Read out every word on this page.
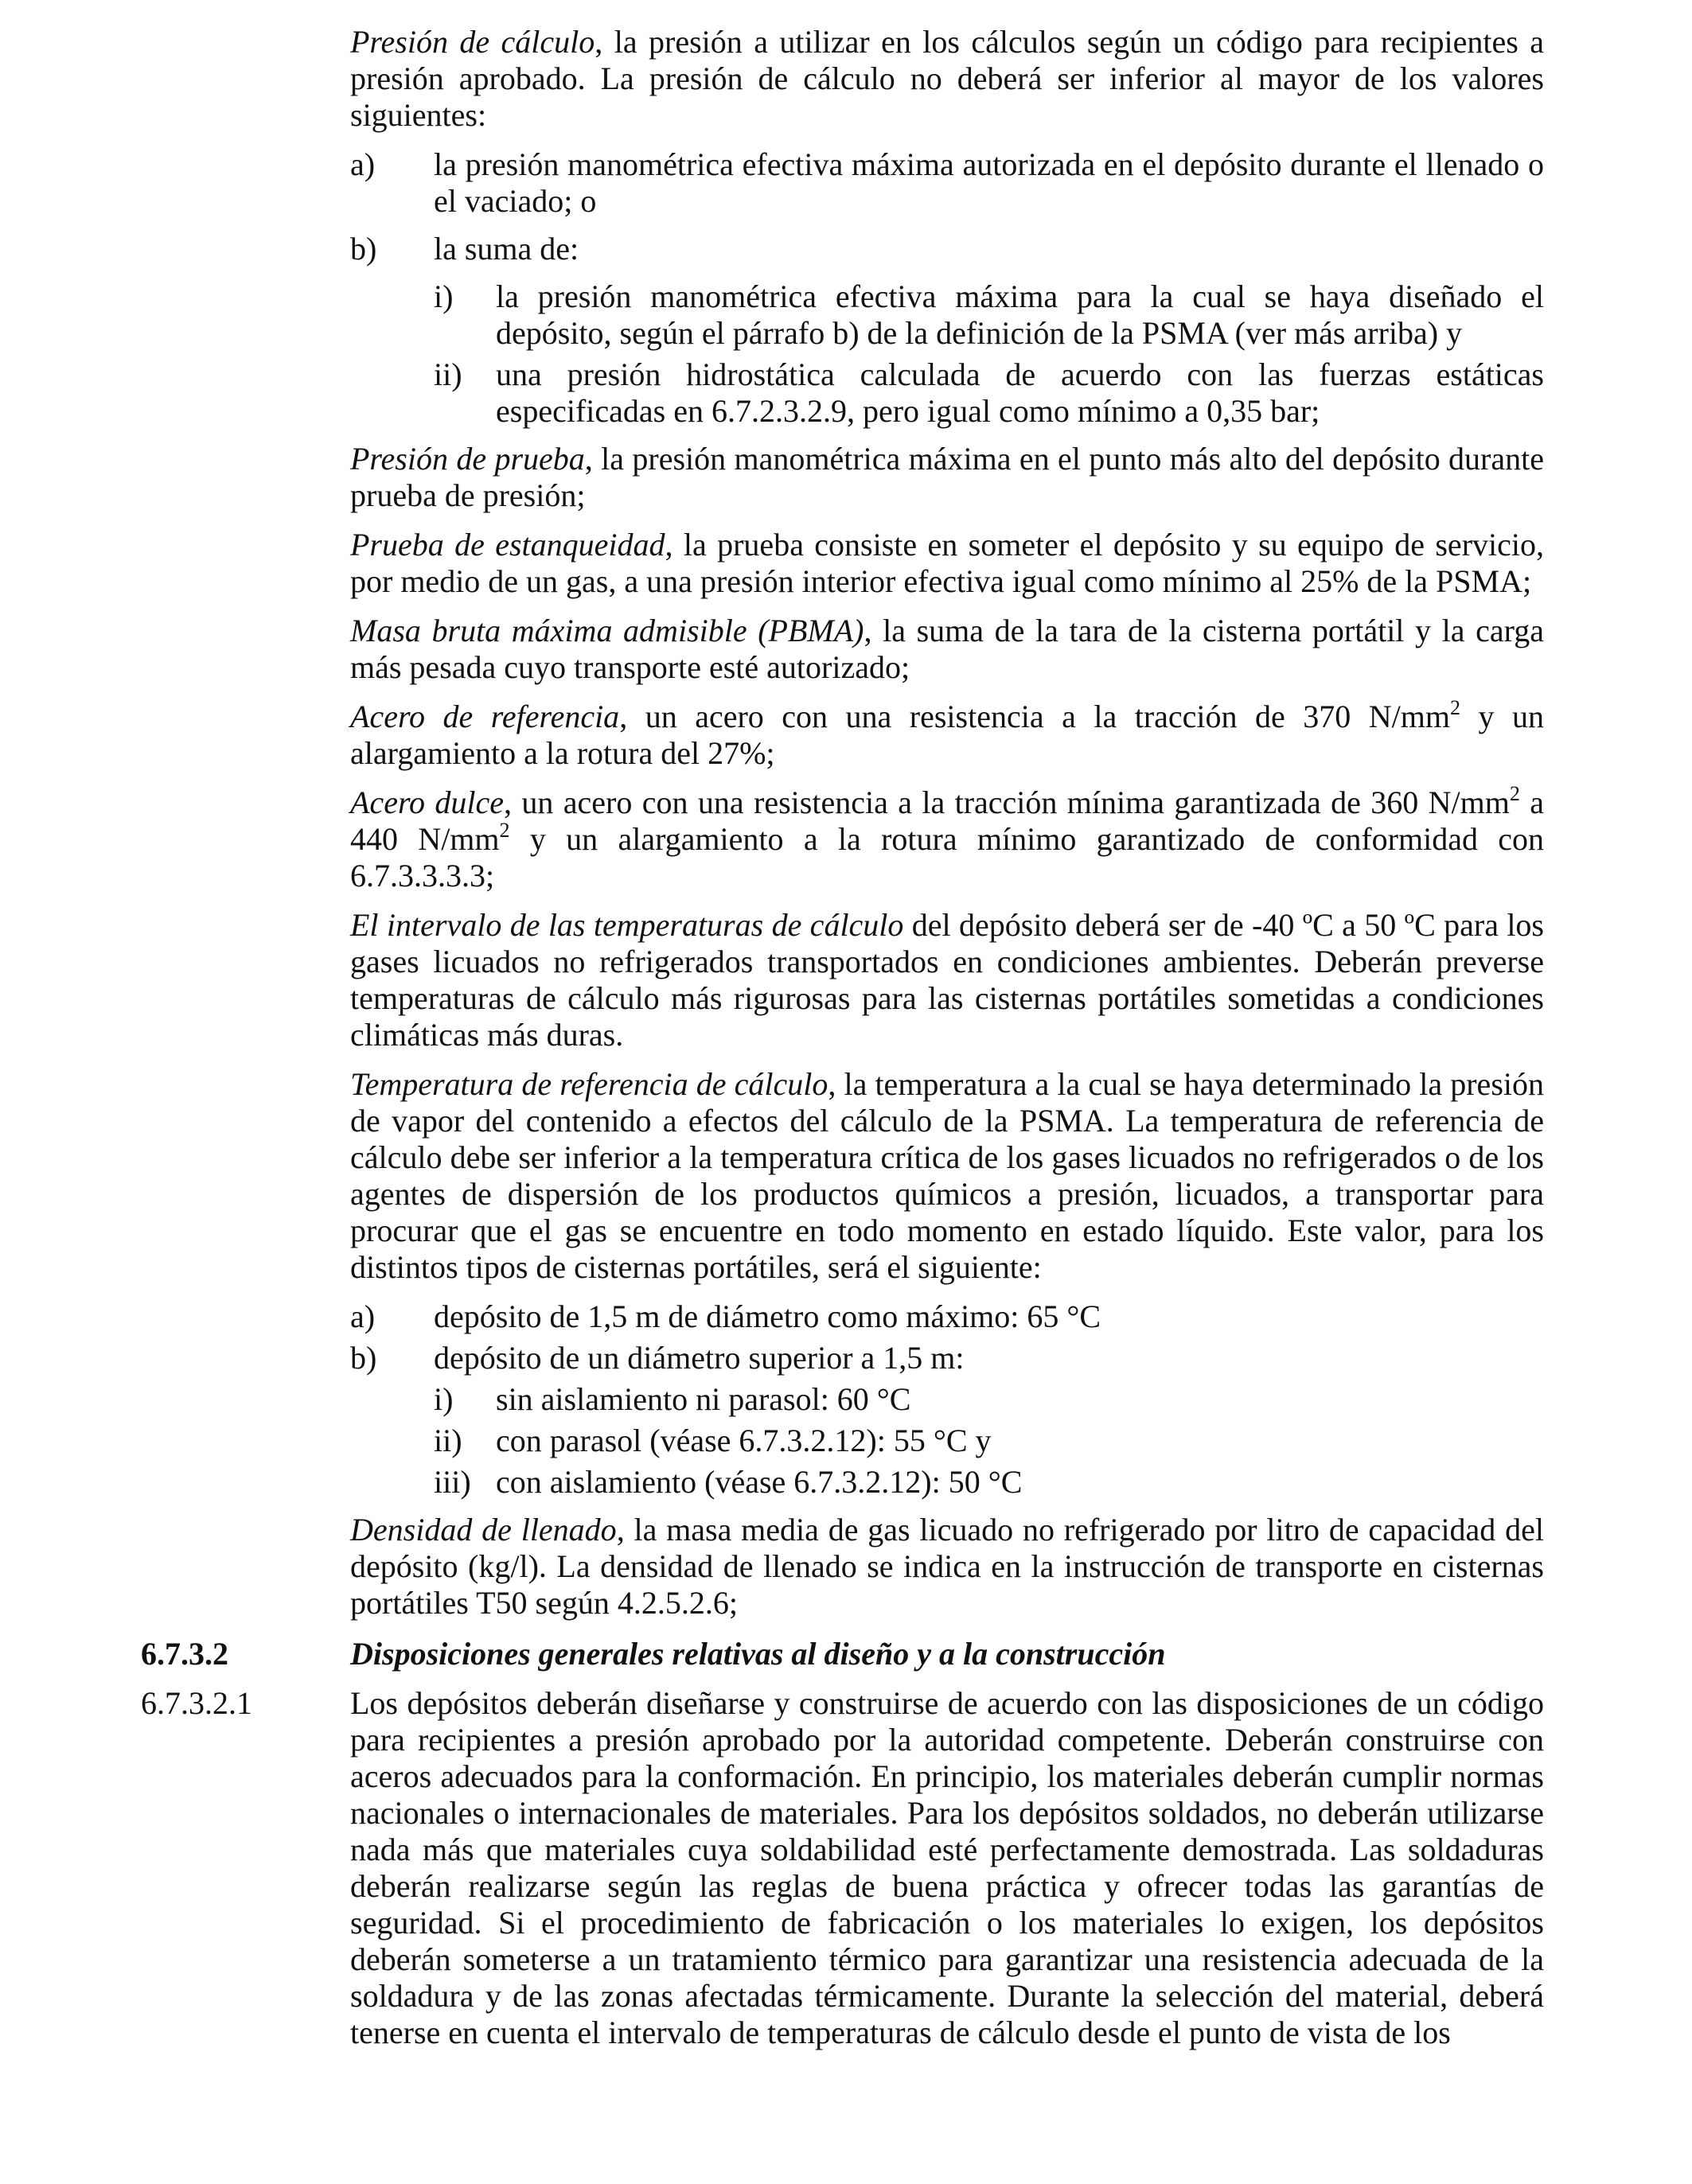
Presión de cálculo, la presión a utilizar en los cálculos según un código para recipientes a presión aprobado. La presión de cálculo no deberá ser inferior al mayor de los valores siguientes:

a) la presión manométrica efectiva máxima autorizada en el depósito durante el llenado o el vaciado; o

b) la suma de:

i) la presión manométrica efectiva máxima para la cual se haya diseñado el depósito, según el párrafo b) de la definición de la PSMA (ver más arriba) y

ii) una presión hidrostática calculada de acuerdo con las fuerzas estáticas especificadas en 6.7.2.3.2.9, pero igual como mínimo a 0,35 bar;

Presión de prueba, la presión manométrica máxima en el punto más alto del depósito durante prueba de presión;

Prueba de estanqueidad, la prueba consiste en someter el depósito y su equipo de servicio, por medio de un gas, a una presión interior efectiva igual como mínimo al 25% de la PSMA;

Masa bruta máxima admisible (PBMA), la suma de la tara de la cisterna portátil y la carga más pesada cuyo transporte esté autorizado;

Acero de referencia, un acero con una resistencia a la tracción de 370 $N/mm^2$ y un alargamiento a la rotura del 27%;

Acero dulce, un acero con una resistencia a la tracción mínima garantizada de 360 $N/mm^2$ a 440 $N/mm^2$ y un alargamiento a la rotura mínimo garantizado de conformidad con 6.7.3.3.3.3;

El intervalo de las temperaturas de cálculo del depósito deberá ser de -40 ºC a 50 ºC para los gases licuados no refrigerados transportados en condiciones ambientes. Deberán preverse temperaturas de cálculo más rigurosas para las cisternas portátiles sometidas a condiciones climáticas más duras.

Temperatura de referencia de cálculo, la temperatura a la cual se haya determinado la presión de vapor del contenido a efectos del cálculo de la PSMA. La temperatura de referencia de cálculo debe ser inferior a la temperatura crítica de los gases licuados no refrigerados o de los agentes de dispersión de los productos químicos a presión, licuados, a transportar para procurar que el gas se encuentre en todo momento en estado líquido. Este valor, para los distintos tipos de cisternas portátiles, será el siguiente:

a) depósito de 1,5 m de diámetro como máximo: 65 °C

b) depósito de un diámetro superior a 1,5 m:

i) sin aislamiento ni parasol: 60 °C

ii) con parasol (véase 6.7.3.2.12): 55 °C y

iii) con aislamiento (véase 6.7.3.2.12): 50 °C

Densidad de llenado, la masa media de gas licuado no refrigerado por litro de capacidad del depósito (kg/l). La densidad de llenado se indica en la instrucción de transporte en cisternas portátiles T50 según 4.2.5.2.6;

6.7.3.2	Disposiciones generales relativas al diseño y a la construcción
6.7.3.2.1	Los depósitos deberán diseñarse y construirse de acuerdo con las disposiciones de un código para recipientes a presión aprobado por la autoridad competente. Deberán construirse con aceros adecuados para la conformación. En principio, los materiales deberán cumplir normas nacionales o internacionales de materiales. Para los depósitos soldados, no deberán utilizarse nada más que materiales cuya soldabilidad esté perfectamente demostrada. Las soldaduras deberán realizarse según las reglas de buena práctica y ofrecer todas las garantías de seguridad. Si el procedimiento de fabricación o los materiales lo exigen, los depósitos deberán someterse a un tratamiento térmico para garantizar una resistencia adecuada de la soldadura y de las zonas afectadas térmicamente. Durante la selección del material, deberá tenerse en cuenta el intervalo de temperaturas de cálculo desde el punto de vista de los
